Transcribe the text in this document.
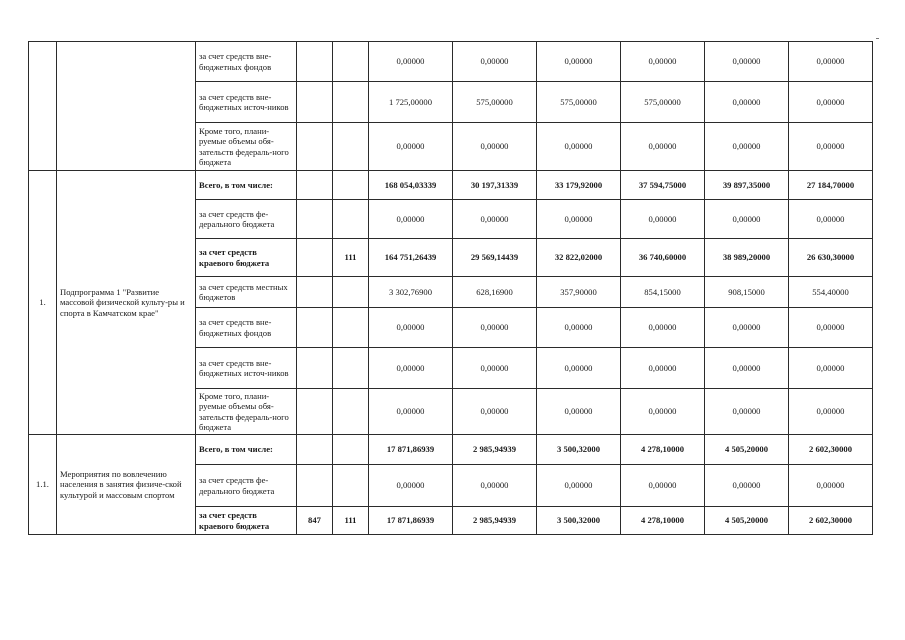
		за счет средств вне-бюджетных фондов			0,00000	0,00000	0,00000	0,00000	0,00000	0,00000
		за счет средств вне-бюджетных источ-ников			1 725,00000	575,00000	575,00000	575,00000	0,00000	0,00000
		Кроме того, плани-руемые объемы обя-зательств федераль-ного бюджета			0,00000	0,00000	0,00000	0,00000	0,00000	0,00000
1.	Подпрограмма 1 "Развитие массовой физической культу-ры и спорта в Камчатском крае"	Всего, в том числе:			168 054,03339	30 197,31339	33 179,92000	37 594,75000	39 897,35000	27 184,70000
		за счет средств фе-дерального бюджета			0,00000	0,00000	0,00000	0,00000	0,00000	0,00000
		за счет средств краевого бюджета		111	164 751,26439	29 569,14439	32 822,02000	36 740,60000	38 989,20000	26 630,30000
		за счет средств местных бюджетов			3 302,76900	628,16900	357,90000	854,15000	908,15000	554,40000
		за счет средств вне-бюджетных фондов			0,00000	0,00000	0,00000	0,00000	0,00000	0,00000
		за счет средств вне-бюджетных источ-ников			0,00000	0,00000	0,00000	0,00000	0,00000	0,00000
		Кроме того, плани-руемые объемы обя-зательств федераль-ного бюджета			0,00000	0,00000	0,00000	0,00000	0,00000	0,00000
1.1.	Мероприятия по вовлечению населения в занятия физиче-ской культурой и массовым спортом	Всего, в том числе:			17 871,86939	2 985,94939	3 500,32000	4 278,10000	4 505,20000	2 602,30000
		за счет средств фе-дерального бюджета			0,00000	0,00000	0,00000	0,00000	0,00000	0,00000
		за счет средств краевого бюджета	847	111	17 871,86939	2 985,94939	3 500,32000	4 278,10000	4 505,20000	2 602,30000
